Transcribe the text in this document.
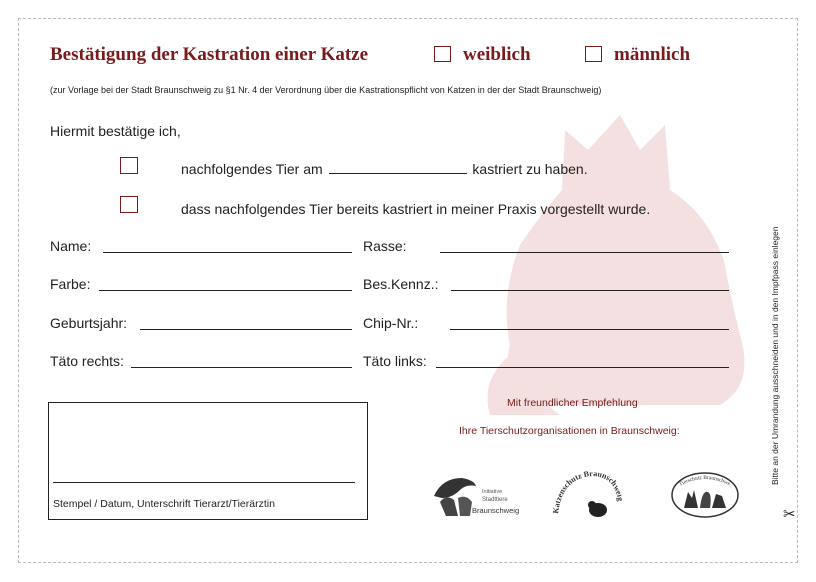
Bestätigung der Kastration einer Katze	weiblich	männlich
(zur Vorlage bei der Stadt Braunschweig zu §1 Nr. 4 der Verordnung über die Kastrationspflicht von Katzen in der der Stadt Braunschweig)
Hiermit bestätige ich,
nachfolgendes Tier am	kastriert zu haben.
dass nachfolgendes Tier bereits kastriert in meiner Praxis vorgestellt wurde.
Name:	Rasse:
Farbe:	Bes.Kennz.:
Geburtsjahr:	Chip-Nr.:
Täto rechts:	Täto links:
Stempel / Datum, Unterschrift Tierarzt/Tierärztin
Mit freundlicher Empfehlung
Ihre Tierschutzorganisationen in Braunschweig:
Initiative
Stadttiere
Braunschweig	Katzenschutz Braunschw	Tierschutz Braunschwe	Bitte an der Umrandung ausschneiden und in den Impfpass einlegen
✂
